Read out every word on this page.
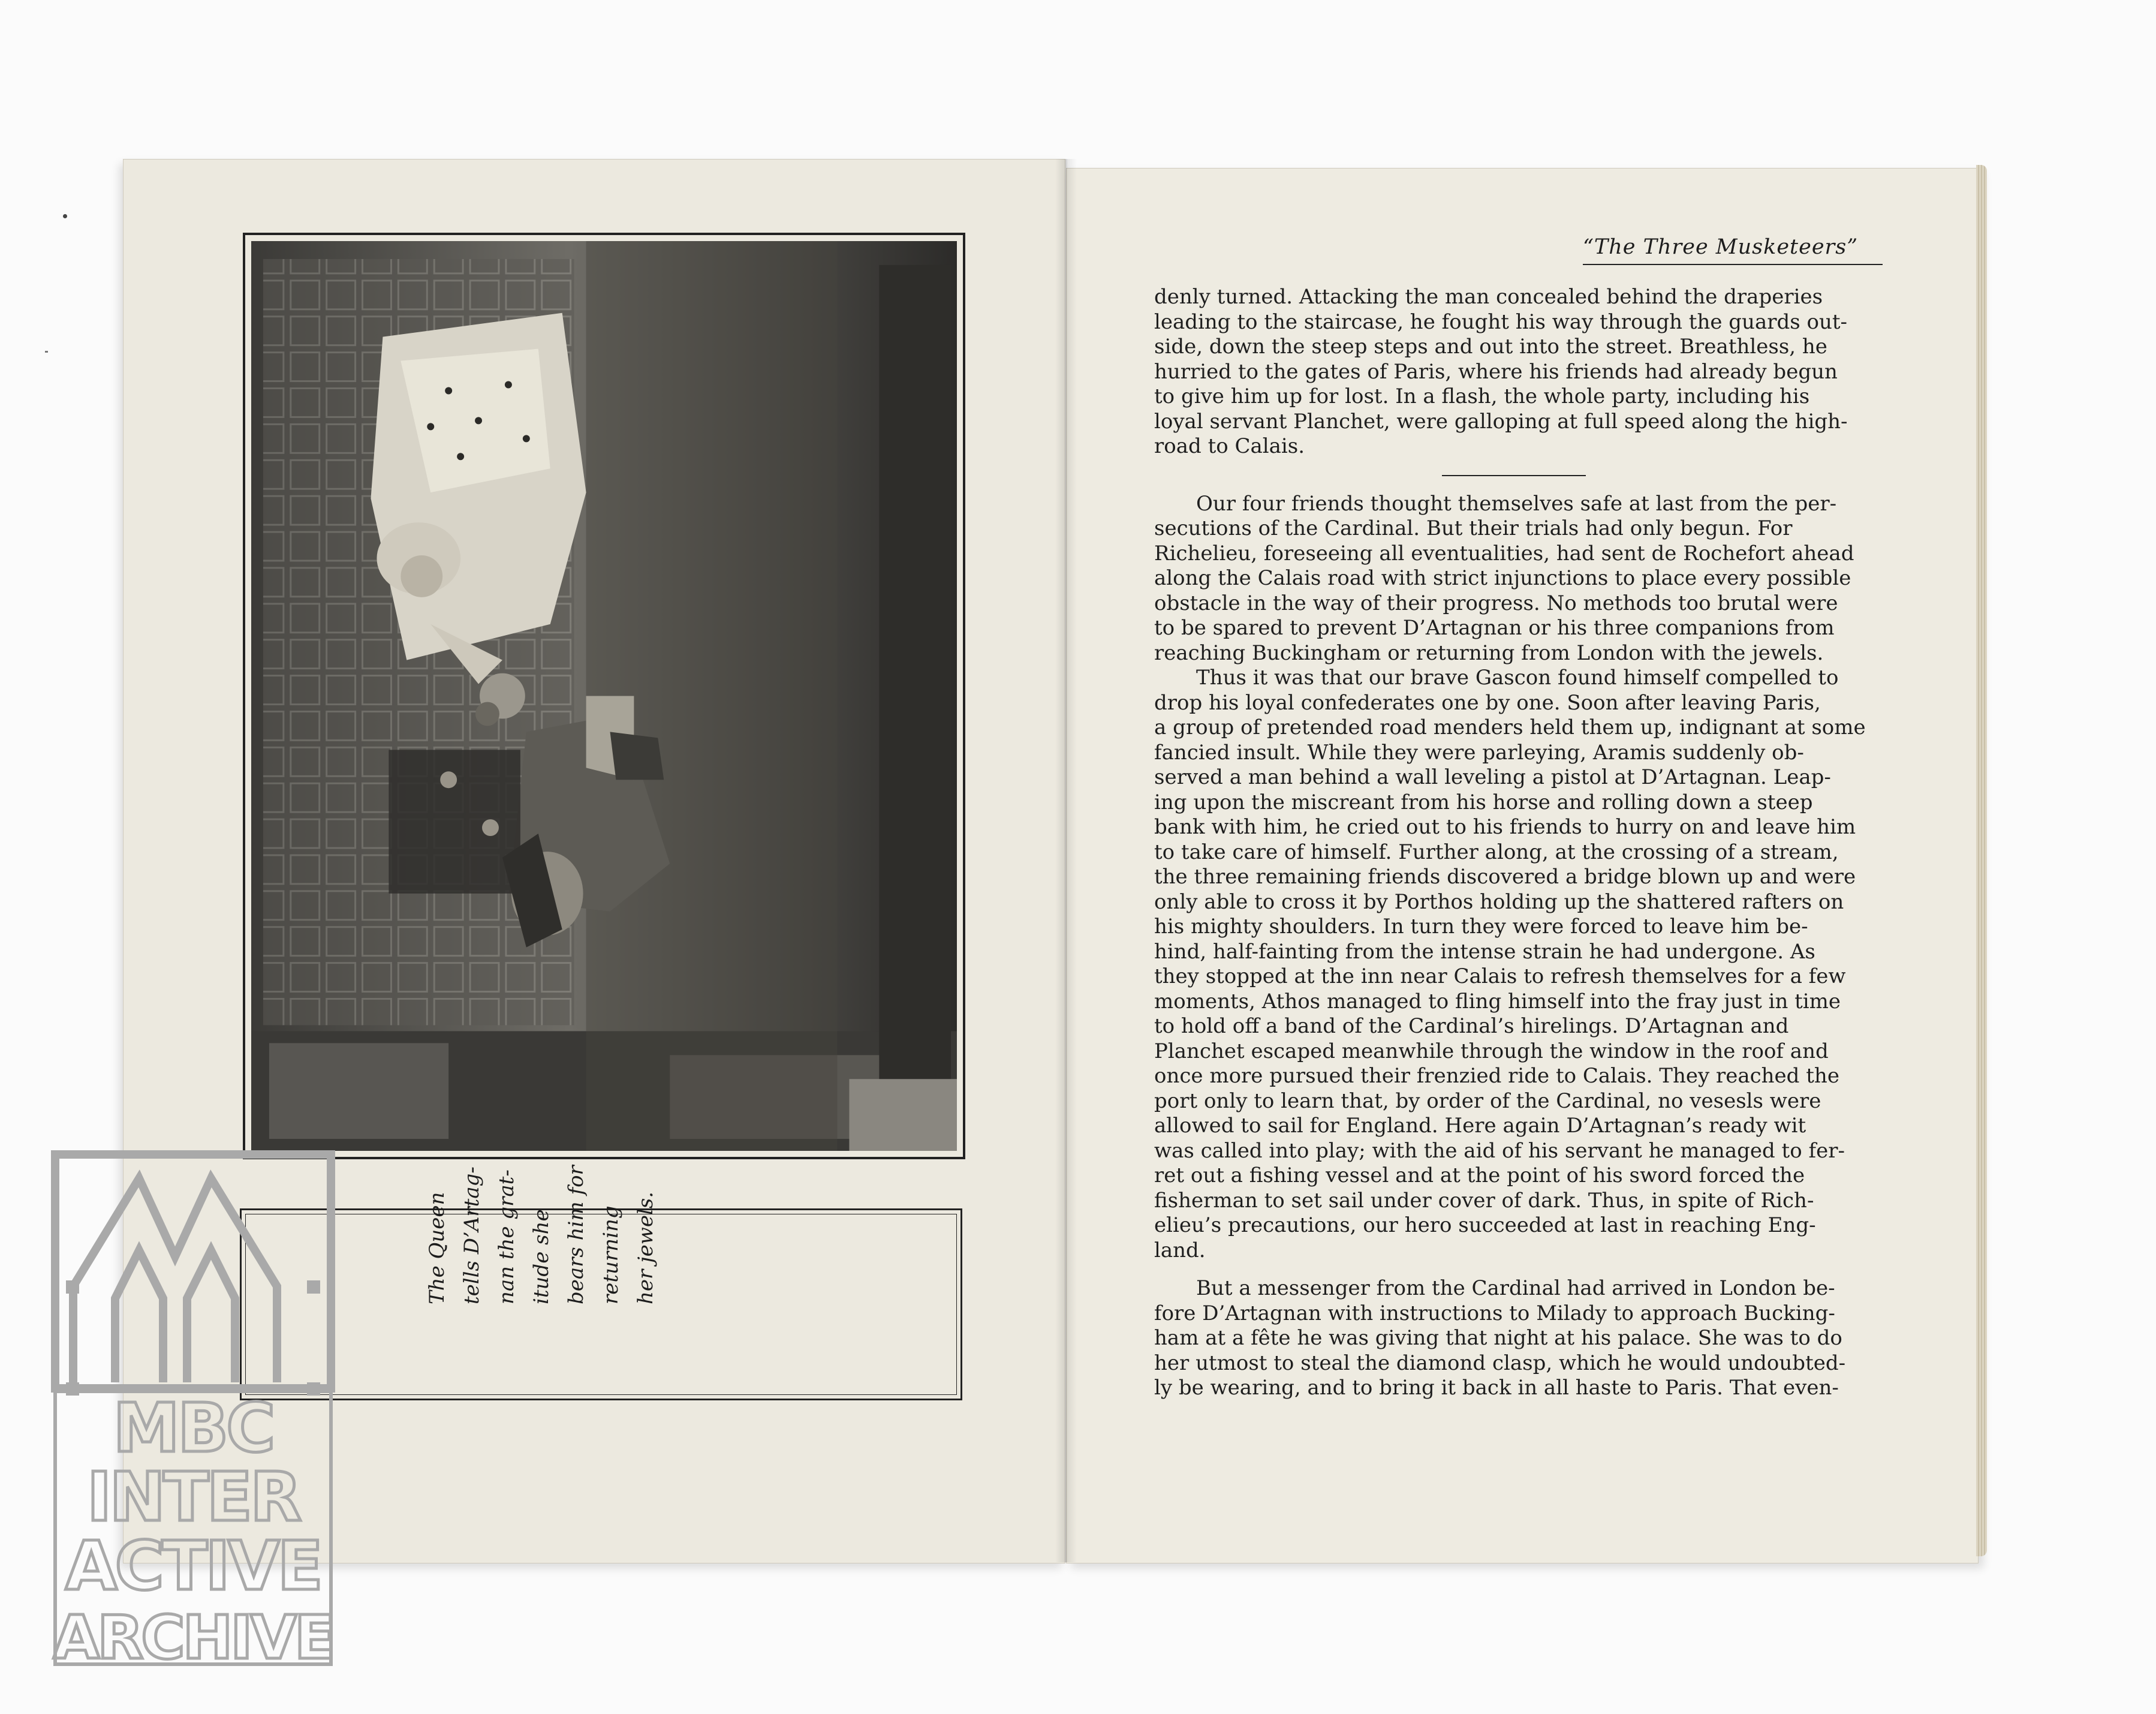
The Queen tells D’Artag- nan the grat- itude she bears him for returning her jewels.
“The Three Musketeers”
denly turned. Attacking the man concealed behind the draperies
leading to the staircase, he fought his way through the guards out-
side, down the steep steps and out into the street. Breathless, he
hurried to the gates of Paris, where his friends had already begun
to give him up for lost. In a flash, the whole party, including his
loyal servant Planchet, were galloping at full speed along the high-
road to Calais.
Our four friends thought themselves safe at last from the per-
secutions of the Cardinal. But their trials had only begun. For
Richelieu, foreseeing all eventualities, had sent de Rochefort ahead
along the Calais road with strict injunctions to place every possible
obstacle in the way of their progress. No methods too brutal were
to be spared to prevent D’Artagnan or his three companions from
reaching Buckingham or returning from London with the jewels.
Thus it was that our brave Gascon found himself compelled to
drop his loyal confederates one by one. Soon after leaving Paris,
a group of pretended road menders held them up, indignant at some
fancied insult. While they were parleying, Aramis suddenly ob-
served a man behind a wall leveling a pistol at D’Artagnan. Leap-
ing upon the miscreant from his horse and rolling down a steep
bank with him, he cried out to his friends to hurry on and leave him
to take care of himself. Further along, at the crossing of a stream,
the three remaining friends discovered a bridge blown up and were
only able to cross it by Porthos holding up the shattered rafters on
his mighty shoulders. In turn they were forced to leave him be-
hind, half-fainting from the intense strain he had undergone. As
they stopped at the inn near Calais to refresh themselves for a few
moments, Athos managed to fling himself into the fray just in time
to hold off a band of the Cardinal’s hirelings. D’Artagnan and
Planchet escaped meanwhile through the window in the roof and
once more pursued their frenzied ride to Calais. They reached the
port only to learn that, by order of the Cardinal, no vesesls were
allowed to sail for England. Here again D’Artagnan’s ready wit
was called into play; with the aid of his servant he managed to fer-
ret out a fishing vessel and at the point of his sword forced the
fisherman to set sail under cover of dark. Thus, in spite of Rich-
elieu’s precautions, our hero succeeded at last in reaching Eng-
land.
But a messenger from the Cardinal had arrived in London be-
fore D’Artagnan with instructions to Milady to approach Bucking-
ham at a fête he was giving that night at his palace. She was to do
her utmost to steal the diamond clasp, which he would undoubted-
ly be wearing, and to bring it back in all haste to Paris. That even-
MBC
INTER
ACTIVE
ARCHIVE
